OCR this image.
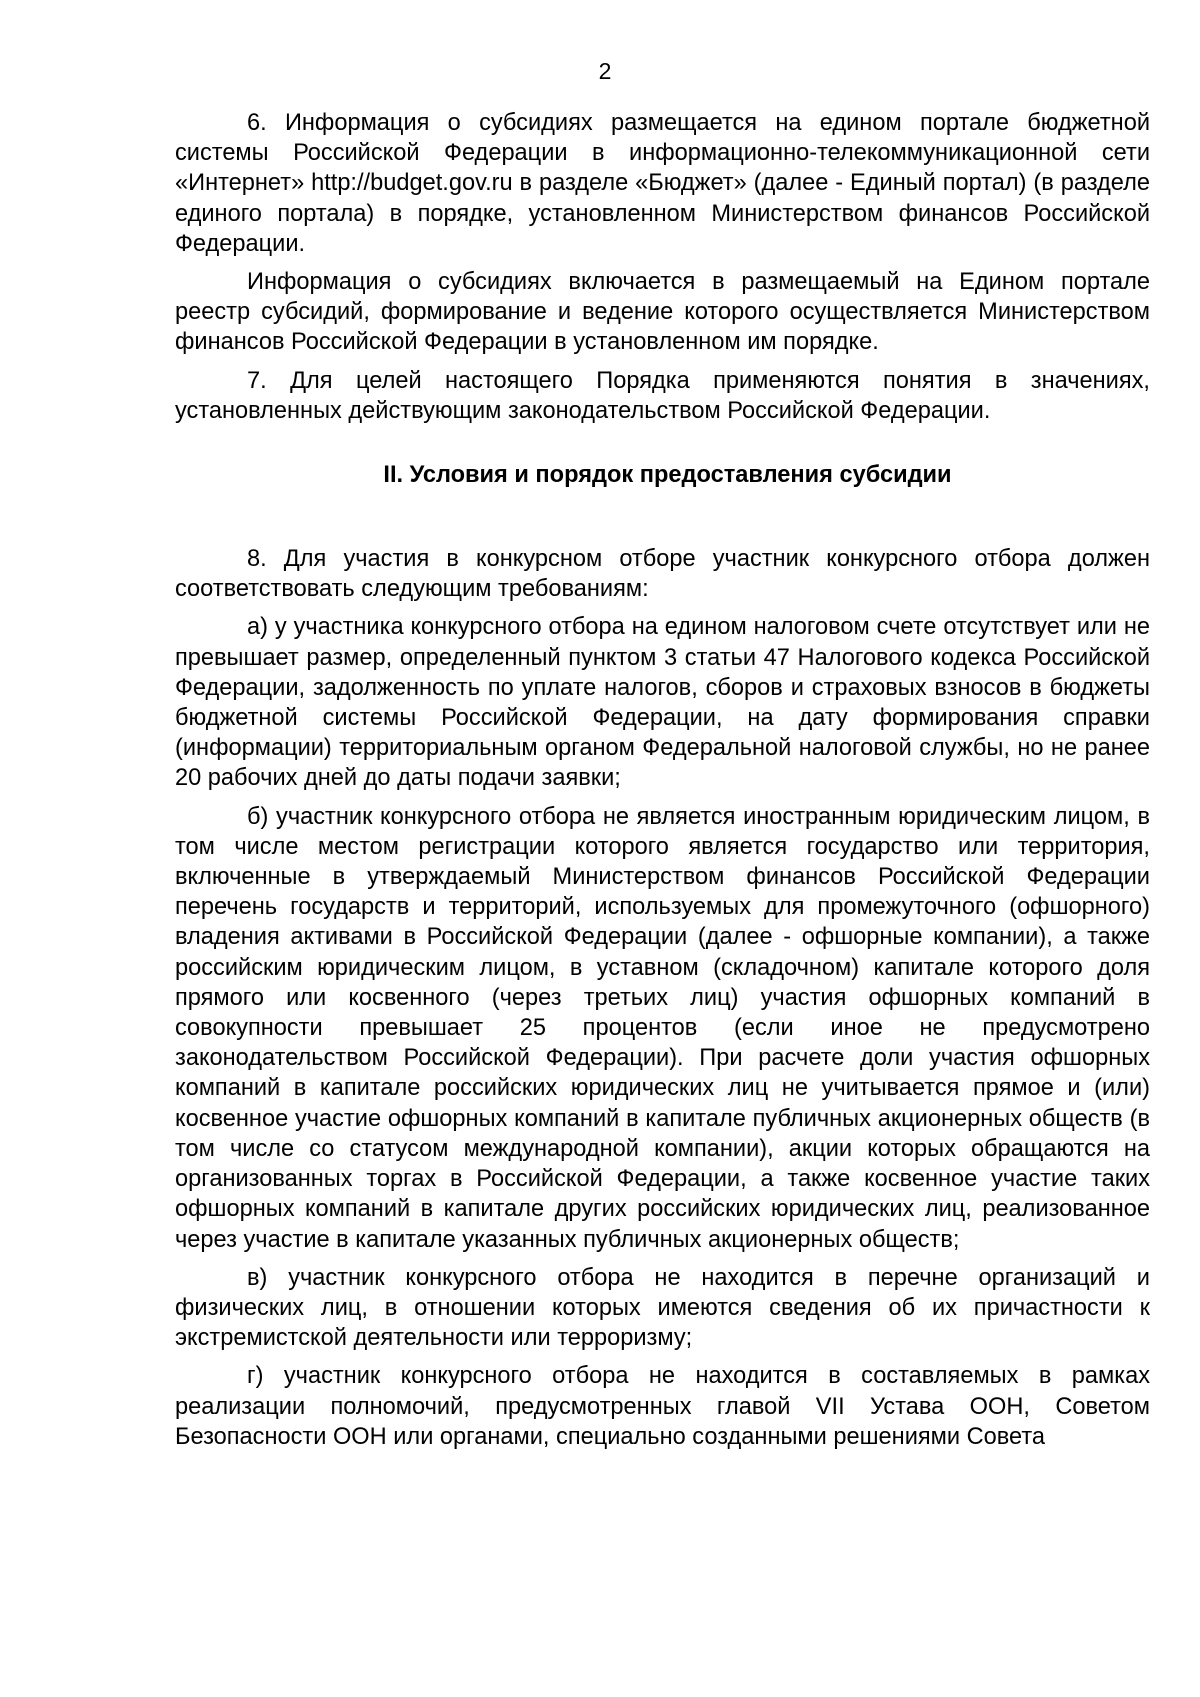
2

6. Информация о субсидиях размещается на едином портале бюджетной системы Российской Федерации в информационно-телекоммуникационной сети «Интернет» http://budget.gov.ru в разделе «Бюджет» (далее - Единый портал) (в разделе единого портала) в порядке, установленном Министерством финансов Российской Федерации.

Информация о субсидиях включается в размещаемый на Едином портале реестр субсидий, формирование и ведение которого осуществляется Министерством финансов Российской Федерации в установленном им порядке.

7. Для целей настоящего Порядка применяются понятия в значениях, установленных действующим законодательством Российской Федерации.

II. Условия и порядок предоставления субсидии

8. Для участия в конкурсном отборе участник конкурсного отбора должен соответствовать следующим требованиям:

а) у участника конкурсного отбора на едином налоговом счете отсутствует или не превышает размер, определенный пунктом 3 статьи 47 Налогового кодекса Российской Федерации, задолженность по уплате налогов, сборов и страховых взносов в бюджеты бюджетной системы Российской Федерации, на дату формирования справки (информации) территориальным органом Федеральной налоговой службы, но не ранее 20 рабочих дней до даты подачи заявки;

б) участник конкурсного отбора не является иностранным юридическим лицом, в том числе местом регистрации которого является государство или территория, включенные в утверждаемый Министерством финансов Российской Федерации перечень государств и территорий, используемых для промежуточного (офшорного) владения активами в Российской Федерации (далее - офшорные компании), а также российским юридическим лицом, в уставном (складочном) капитале которого доля прямого или косвенного (через третьих лиц) участия офшорных компаний в совокупности превышает 25 процентов (если иное не предусмотрено законодательством Российской Федерации). При расчете доли участия офшорных компаний в капитале российских юридических лиц не учитывается прямое и (или) косвенное участие офшорных компаний в капитале публичных акционерных обществ (в том числе со статусом международной компании), акции которых обращаются на организованных торгах в Российской Федерации, а также косвенное участие таких офшорных компаний в капитале других российских юридических лиц, реализованное через участие в капитале указанных публичных акционерных обществ;

в) участник конкурсного отбора не находится в перечне организаций и физических лиц, в отношении которых имеются сведения об их причастности к экстремистской деятельности или терроризму;

г) участник конкурсного отбора не находится в составляемых в рамках реализации полномочий, предусмотренных главой VII Устава ООН, Советом Безопасности ООН или органами, специально созданными решениями Совета
